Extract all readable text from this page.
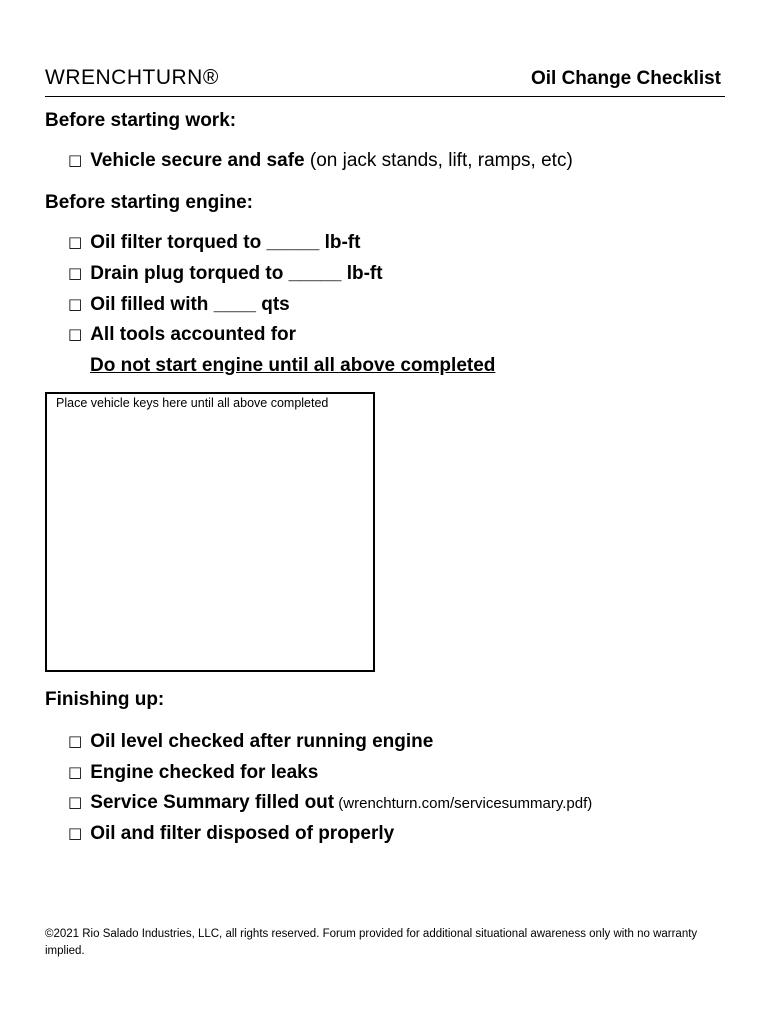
WRENCHTURN®	Oil Change Checklist
Before starting work:
□ Vehicle secure and safe (on jack stands, lift, ramps, etc)
Before starting engine:
□ Oil filter torqued to _____ lb-ft
□ Drain plug torqued to _____ lb-ft
□ Oil filled with ____ qts
□ All tools accounted for
Do not start engine until all above completed
Place vehicle keys here until all above completed
Finishing up:
□ Oil level checked after running engine
□ Engine checked for leaks
□ Service Summary filled out (wrenchturn.com/servicesummary.pdf)
□ Oil and filter disposed of properly
©2021 Rio Salado Industries, LLC, all rights reserved. Forum provided for additional situational awareness only with no warranty implied.
